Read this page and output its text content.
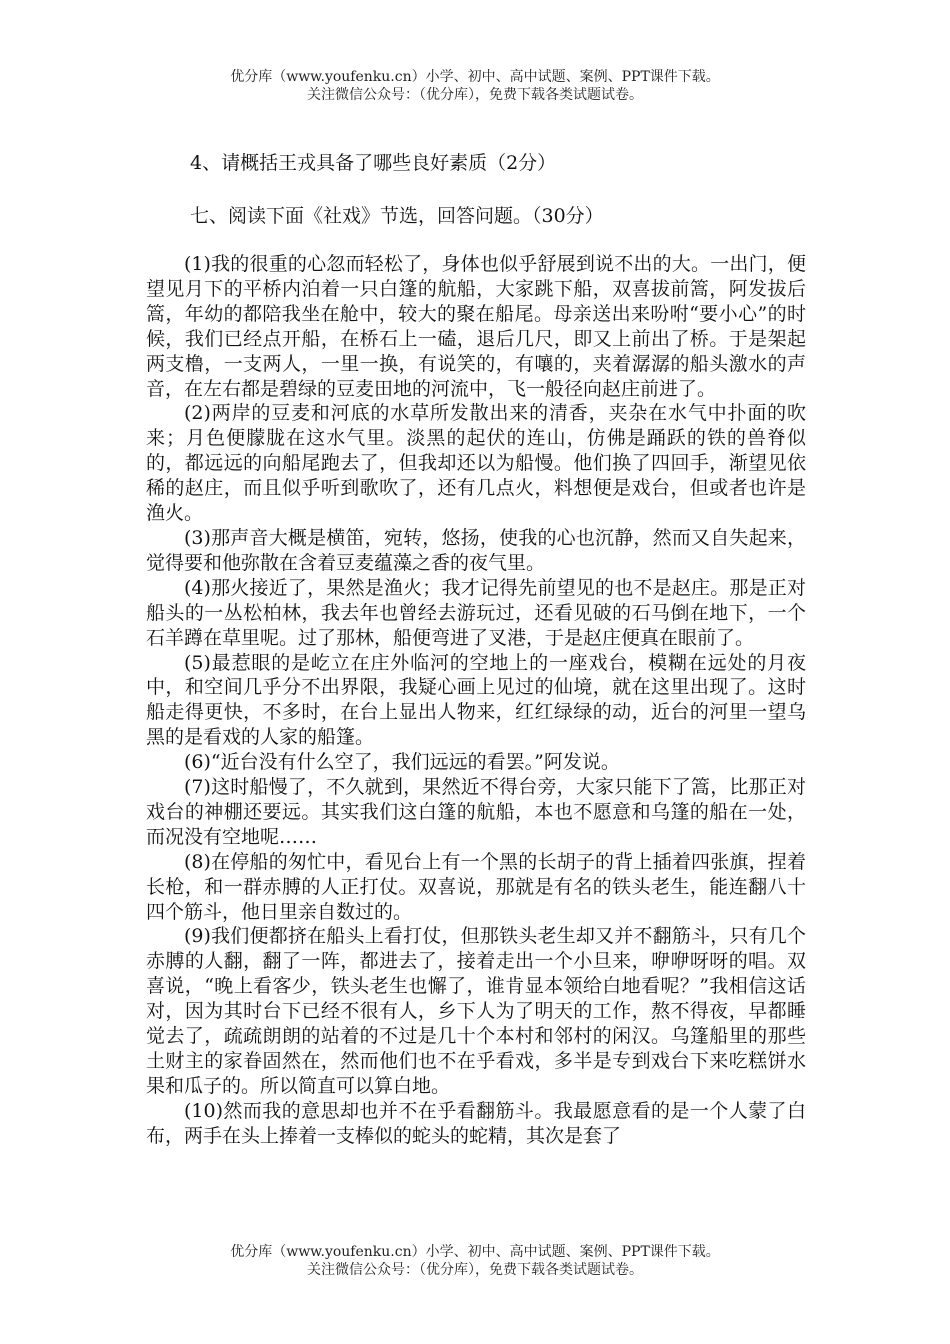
优分库（www.youfenku.cn）小学、初中、高中试题、案例、PPT课件下载。
关注微信公众号：（优分库），免费下载各类试题试卷。
4、请概括王戎具备了哪些良好素质（2分）
七、阅读下面《社戏》节选，回答问题。（30分）

(1)我的很重的心忽而轻松了，身体也似乎舒展到说不出的大。一出门，便望见月下的平桥内泊着一只白篷的航船，大家跳下船，双喜拔前篙，阿发拔后篙，年幼的都陪我坐在舱中，较大的聚在船尾。母亲送出来吩咐“要小心”的时候，我们已经点开船，在桥石上一磕，退后几尺，即又上前出了桥。于是架起两支橹，一支两人，一里一换，有说笑的，有嚷的，夹着潺潺的船头激水的声音，在左右都是碧绿的豆麦田地的河流中，飞一般径向赵庄前进了。

(2)两岸的豆麦和河底的水草所发散出来的清香，夹杂在水气中扑面的吹来；月色便朦胧在这水气里。淡黑的起伏的连山，仿佛是踊跃的铁的兽脊似的，都远远的向船尾跑去了，但我却还以为船慢。他们换了四回手，渐望见依稀的赵庄，而且似乎听到歌吹了，还有几点火，料想便是戏台，但或者也许是渔火。

(3)那声音大概是横笛，宛转，悠扬，使我的心也沉静，然而又自失起来，觉得要和他弥散在含着豆麦蕴藻之香的夜气里。

(4)那火接近了，果然是渔火；我才记得先前望见的也不是赵庄。那是正对船头的一丛松柏林，我去年也曾经去游玩过，还看见破的石马倒在地下，一个石羊蹲在草里呢。过了那林，船便弯进了叉港，于是赵庄便真在眼前了。

(5)最惹眼的是屹立在庄外临河的空地上的一座戏台，模糊在远处的月夜中，和空间几乎分不出界限，我疑心画上见过的仙境，就在这里出现了。这时船走得更快，不多时，在台上显出人物来，红红绿绿的动，近台的河里一望乌黑的是看戏的人家的船篷。

(6)“近台没有什么空了，我们远远的看罢。”阿发说。

(7)这时船慢了，不久就到，果然近不得台旁，大家只能下了篙，比那正对戏台的神棚还要远。其实我们这白篷的航船，本也不愿意和乌篷的船在一处，而况没有空地呢……

(8)在停船的匆忙中，看见台上有一个黑的长胡子的背上插着四张旗，捏着长枪，和一群赤膊的人正打仗。双喜说，那就是有名的铁头老生，能连翻八十四个筋斗，他日里亲自数过的。

(9)我们便都挤在船头上看打仗，但那铁头老生却又并不翻筋斗，只有几个赤膊的人翻，翻了一阵，都进去了，接着走出一个小旦来，咿咿呀呀的唱。双喜说，“晚上看客少，铁头老生也懈了，谁肯显本领给白地看呢？”我相信这话对，因为其时台下已经不很有人，乡下人为了明天的工作，熬不得夜，早都睡觉去了，疏疏朗朗的站着的不过是几十个本村和邻村的闲汉。乌篷船里的那些土财主的家眷固然在，然而他们也不在乎看戏，多半是专到戏台下来吃糕饼水果和瓜子的。所以简直可以算白地。

(10)然而我的意思却也并不在乎看翻筋斗。我最愿意看的是一个人蒙了白布，两手在头上捧着一支棒似的蛇头的蛇精，其次是套了

优分库（www.youfenku.cn）小学、初中、高中试题、案例、PPT课件下载。
关注微信公众号：（优分库），免费下载各类试题试卷。
